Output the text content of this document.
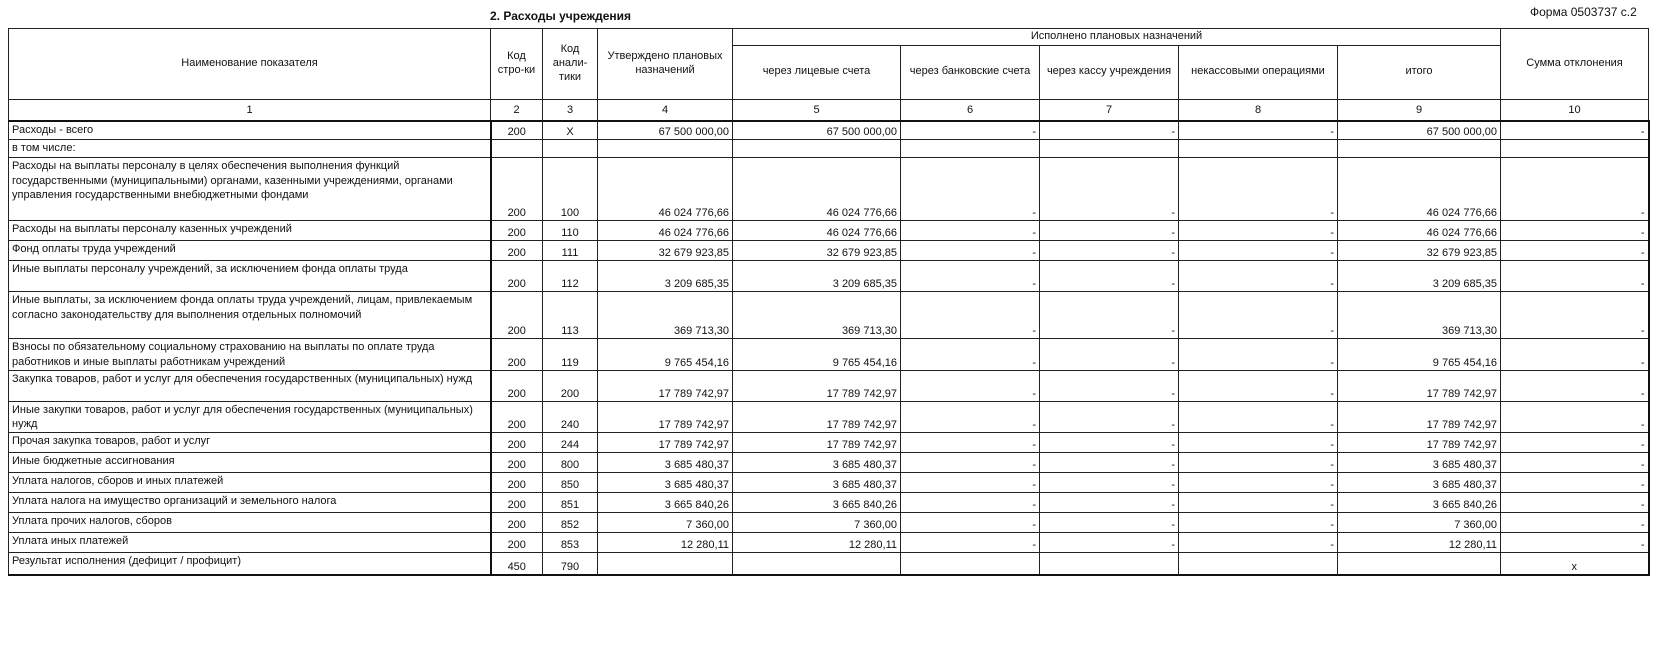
2. Расходы учреждения	Форма 0503737 с.2
Наименование показателя	Код стро-ки	Код анали-тики	Утверждено плановых назначений	Исполнено плановых назначений					Сумма отклонения
				через лицевые счета	через банковские счета	через кассу учреждения	некассовыми операциями	итого	
1	2	3	4	5	6	7	8	9	10
Расходы - всего	200	X	67 500 000,00	67 500 000,00	-	-	-	67 500 000,00	-
в том числе:									
Расходы на выплаты персоналу в целях обеспечения выполнения функций государственными (муниципальными) органами, казенными учреждениями, органами управления государственными внебюджетными фондами	200	100	46 024 776,66	46 024 776,66	-	-	-	46 024 776,66	-
Расходы на выплаты персоналу казенных учреждений	200	110	46 024 776,66	46 024 776,66	-	-	-	46 024 776,66	-
Фонд оплаты труда учреждений	200	111	32 679 923,85	32 679 923,85	-	-	-	32 679 923,85	-
Иные выплаты персоналу учреждений, за исключением фонда оплаты труда	200	112	3 209 685,35	3 209 685,35	-	-	-	3 209 685,35	-
Иные выплаты, за исключением фонда оплаты труда учреждений, лицам, привлекаемым согласно законодательству для выполнения отдельных полномочий	200	113	369 713,30	369 713,30	-	-	-	369 713,30	-
Взносы по обязательному социальному страхованию на выплаты по оплате труда работников и иные выплаты работникам учреждений	200	119	9 765 454,16	9 765 454,16	-	-	-	9 765 454,16	-
Закупка товаров, работ и услуг для обеспечения государственных (муниципальных) нужд	200	200	17 789 742,97	17 789 742,97	-	-	-	17 789 742,97	-
Иные закупки товаров, работ и услуг для обеспечения государственных (муниципальных) нужд	200	240	17 789 742,97	17 789 742,97	-	-	-	17 789 742,97	-
Прочая закупка товаров, работ и услуг	200	244	17 789 742,97	17 789 742,97	-	-	-	17 789 742,97	-
Иные бюджетные ассигнования	200	800	3 685 480,37	3 685 480,37	-	-	-	3 685 480,37	-
Уплата налогов, сборов и иных платежей	200	850	3 685 480,37	3 685 480,37	-	-	-	3 685 480,37	-
Уплата налога на имущество организаций и земельного налога	200	851	3 665 840,26	3 665 840,26	-	-	-	3 665 840,26	-
Уплата прочих налогов, сборов	200	852	7 360,00	7 360,00	-	-	-	7 360,00	-
Уплата иных платежей	200	853	12 280,11	12 280,11	-	-	-	12 280,11	-
Результат исполнения (дефицит / профицит)	450	790							x
